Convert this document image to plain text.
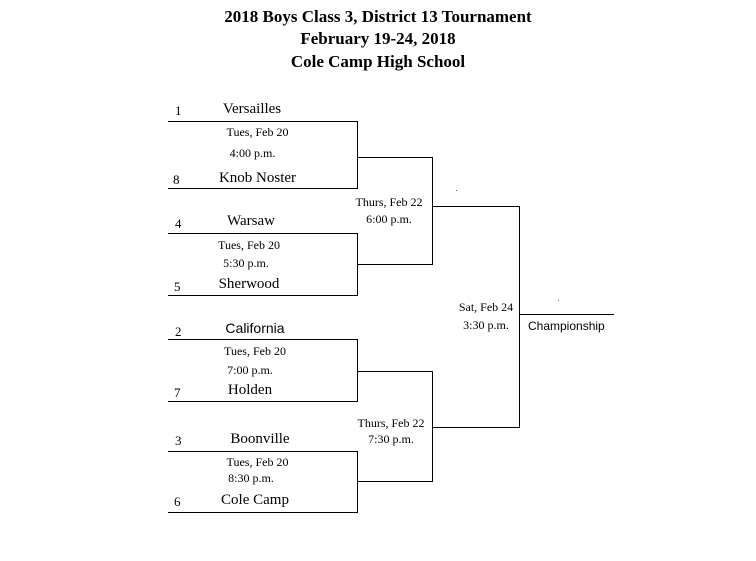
2018 Boys Class 3, District 13 Tournament
February 19-24, 2018
Cole Camp High School
1	Versailles
Tues, Feb 20
4:00 p.m.
8	Knob Noster
4	Warsaw
Tues, Feb 20
5:30 p.m.
5	Sherwood
2	California
Tues, Feb 20
7:00 p.m.
7	Holden
3	Boonville
Tues, Feb 20
8:30 p.m.
6	Cole Camp
Thurs, Feb 22
6:00 p.m.
Thurs, Feb 22
7:30 p.m.
Sat, Feb 24
3:30 p.m.	Championship
